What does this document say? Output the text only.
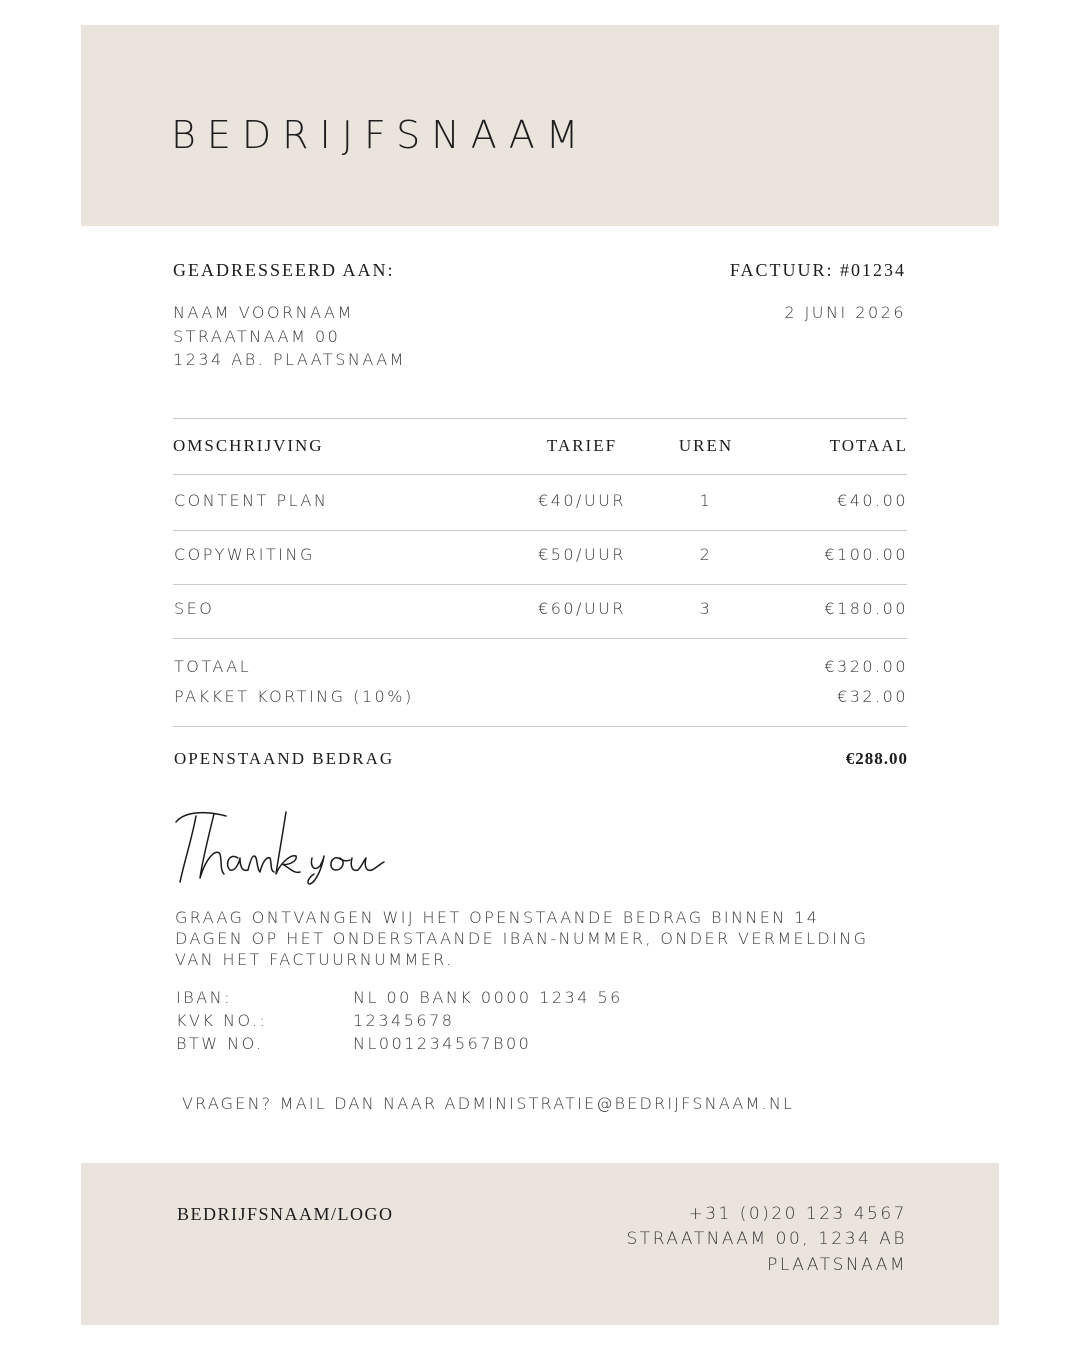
BEDRIJFSNAAM
GEADRESSEERD AAN:
NAAM VOORNAAM
STRAATNAAM 00
1234 AB. PLAATSNAAM
FACTUUR: #01234
2 JUNI 2026
OMSCHRIJVING	TARIEF	UREN	TOTAAL
CONTENT PLAN	€40/UUR	1	€40.00
COPYWRITING	€50/UUR	2	€100.00
SEO	€60/UUR	3	€180.00
TOTAAL	€320.00
PAKKET KORTING (10%)	€32.00
OPENSTAAND BEDRAG	€288.00
GRAAG ONTVANGEN WIJ HET OPENSTAANDE BEDRAG BINNEN 14
DAGEN OP HET ONDERSTAANDE IBAN-NUMMER, ONDER VERMELDING
VAN HET FACTUURNUMMER.
IBAN:	NL 00 BANK 0000 1234 56
KVK NO.:	12345678
BTW NO.	NL001234567B00
VRAGEN? MAIL DAN NAAR ADMINISTRATIE@BEDRIJFSNAAM.NL
BEDRIJFSNAAM/LOGO	+31 (0)20 123 4567
STRAATNAAM 00, 1234 AB
PLAATSNAAM
